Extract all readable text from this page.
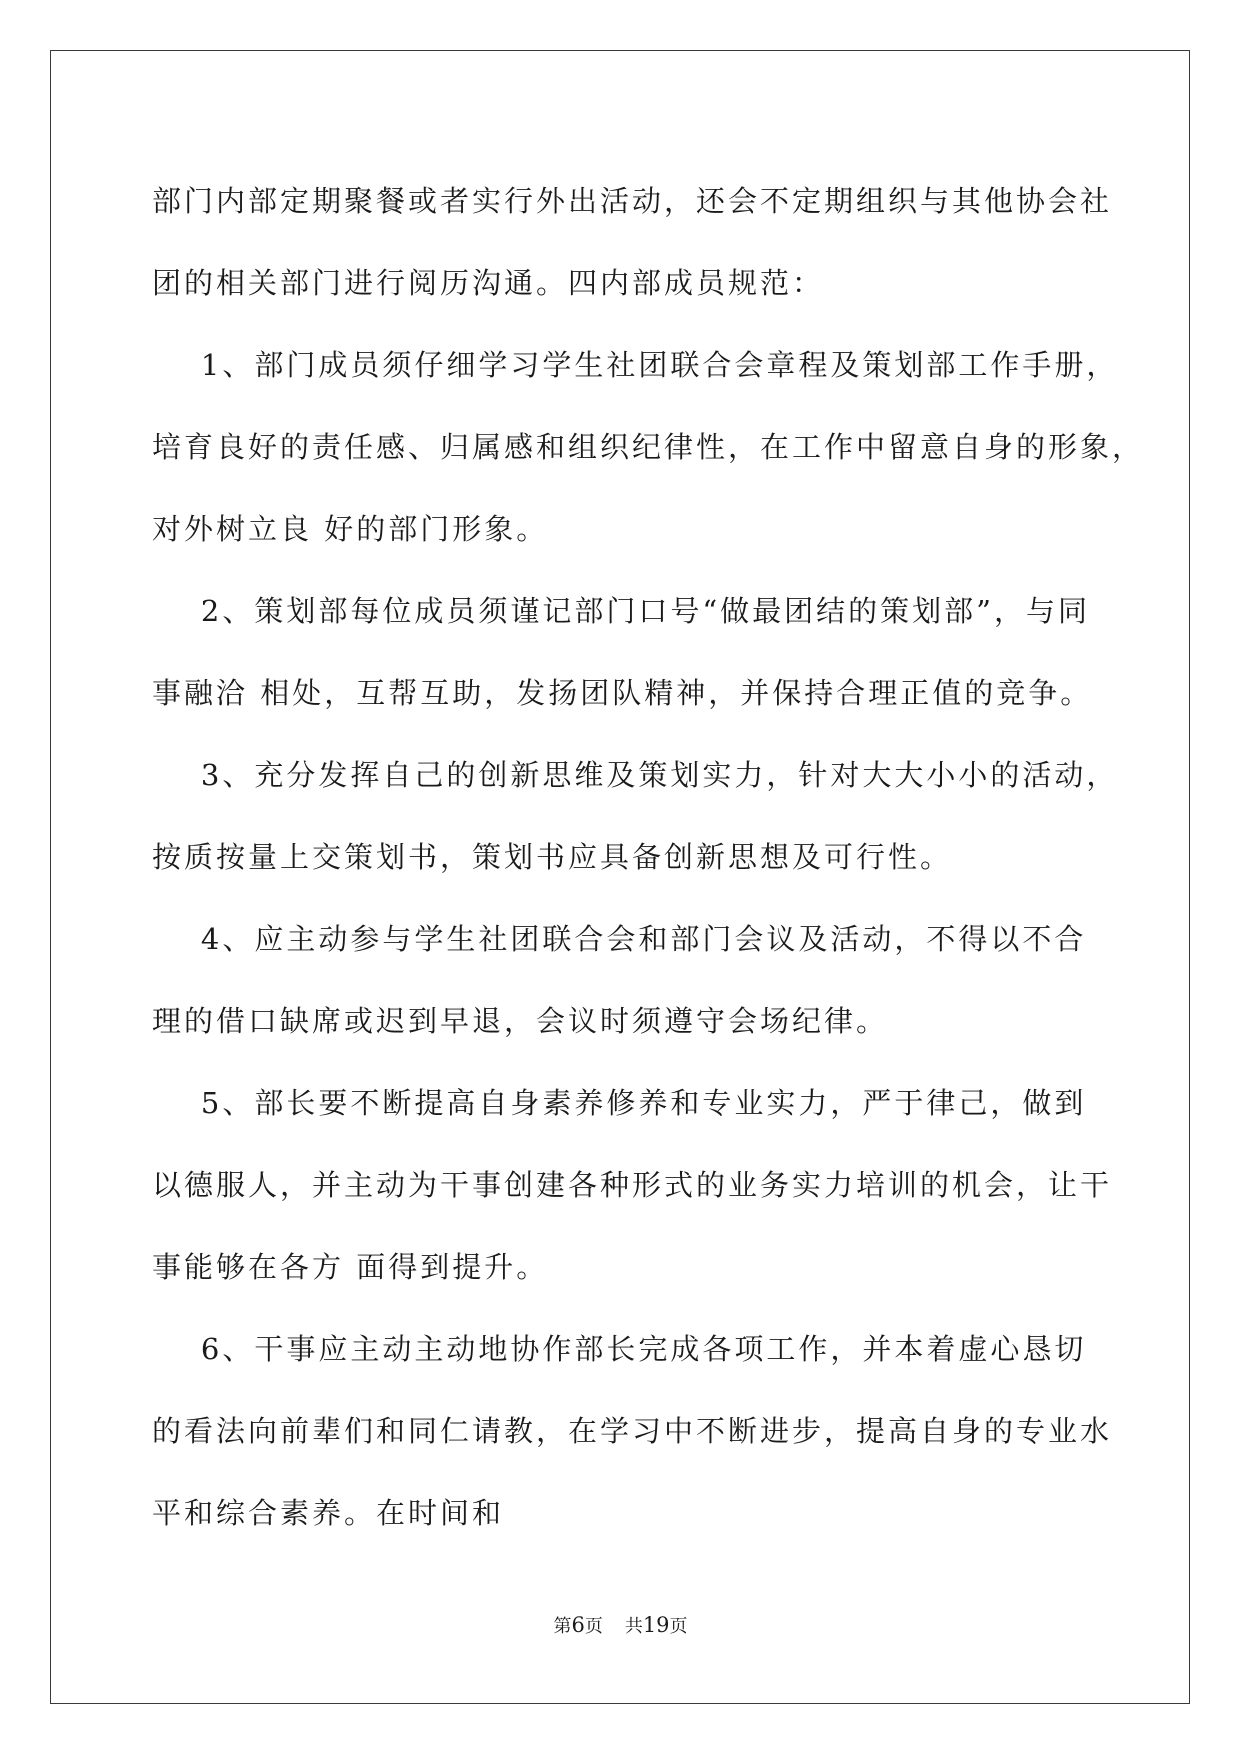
部门内部定期聚餐或者实行外出活动，还会不定期组织与其他协会社

团的相关部门进行阅历沟通。四内部成员规范：

1、部门成员须仔细学习学生社团联合会章程及策划部工作手册，

培育良好的责任感、归属感和组织纪律性，在工作中留意自身的形象，

对外树立良 好的部门形象。

2、策划部每位成员须谨记部门口号“做最团结的策划部”，与同

事融洽 相处，互帮互助，发扬团队精神，并保持合理正值的竞争。

3、充分发挥自己的创新思维及策划实力，针对大大小小的活动，

按质按量上交策划书，策划书应具备创新思想及可行性。

4、应主动参与学生社团联合会和部门会议及活动，不得以不合

理的借口缺席或迟到早退，会议时须遵守会场纪律。

5、部长要不断提高自身素养修养和专业实力，严于律己，做到

以德服人，并主动为干事创建各种形式的业务实力培训的机会，让干

事能够在各方 面得到提升。

6、干事应主动主动地协作部长完成各项工作，并本着虚心恳切

的看法向前辈们和同仁请教，在学习中不断进步，提高自身的专业水

平和综合素养。在时间和

第6页 共19页
